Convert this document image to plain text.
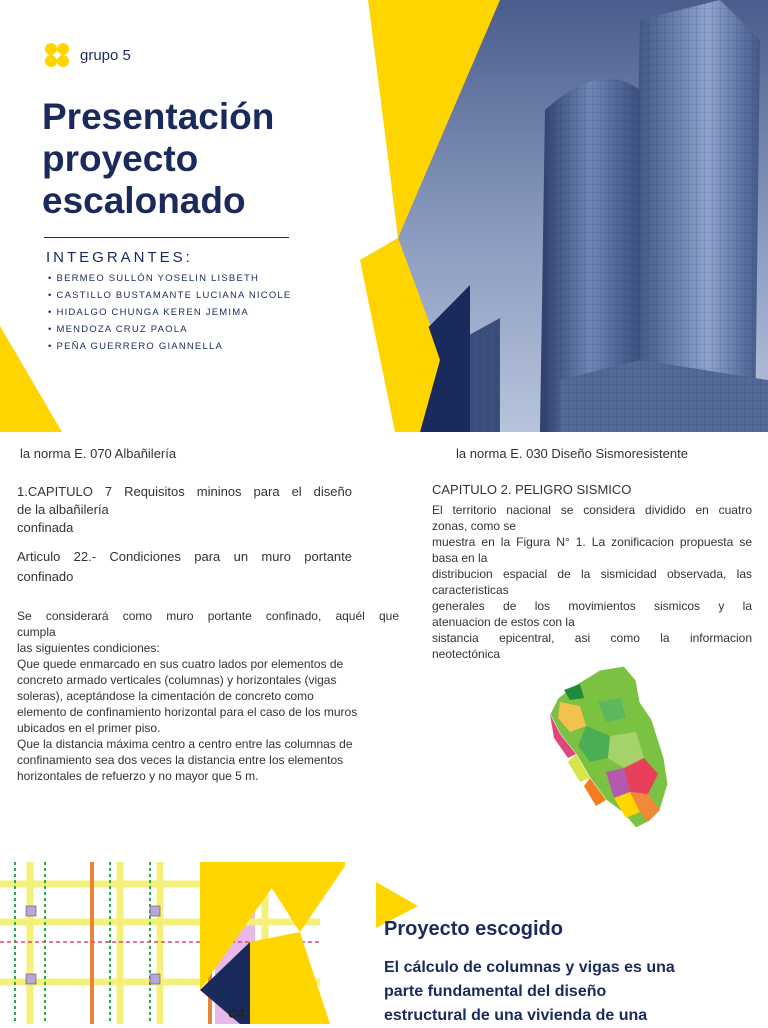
grupo 5
Presentación
proyecto
escalonado
INTEGRANTES:
• BERMEO SULLÓN YOSELIN LISBETH
• CASTILLO BUSTAMANTE LUCIANA NICOLE
• HIDALGO CHUNGA KEREN JEMIMA
• MENDOZA CRUZ PAOLA
• PEÑA GUERRERO GIANNELLA
la norma E. 070 Albañilería
1.CAPITULO 7 Requisitos mininos para el diseño
de la albañilería
confinada
Articulo 22.- Condiciones para un muro portante
confinado
Se considerará como muro portante confinado, aquél que
cumpla
las siguientes condiciones:
Que quede enmarcado en sus cuatro lados por elementos de
concreto armado verticales (columnas) y horizontales (vigas
soleras), aceptándose la cimentación de concreto como
elemento de confinamiento horizontal para el caso de los muros
ubicados en el primer piso.
Que la distancia máxima centro a centro entre las columnas de
confinamiento sea dos veces la distancia entre los elementos
horizontales de refuerzo y no mayor que 5 m.
la norma E. 030 Diseño Sismoresistente
CAPITULO 2. PELIGRO SISMICO
El territorio nacional se considera dividido en cuatro
zonas, como se
muestra en la Figura N° 1. La zonificacion propuesta se
basa en la
distribucion espacial de la sismicidad observada, las
caracteristicas
generales de los movimientos sismicos y la
atenuacion de estos con la
sistancia epicentral, asi como la informacion
neotectónica
C4
Proyecto escogido
El cálculo de columnas y vigas es una
parte fundamental del diseño
estructural de una vivienda de una
